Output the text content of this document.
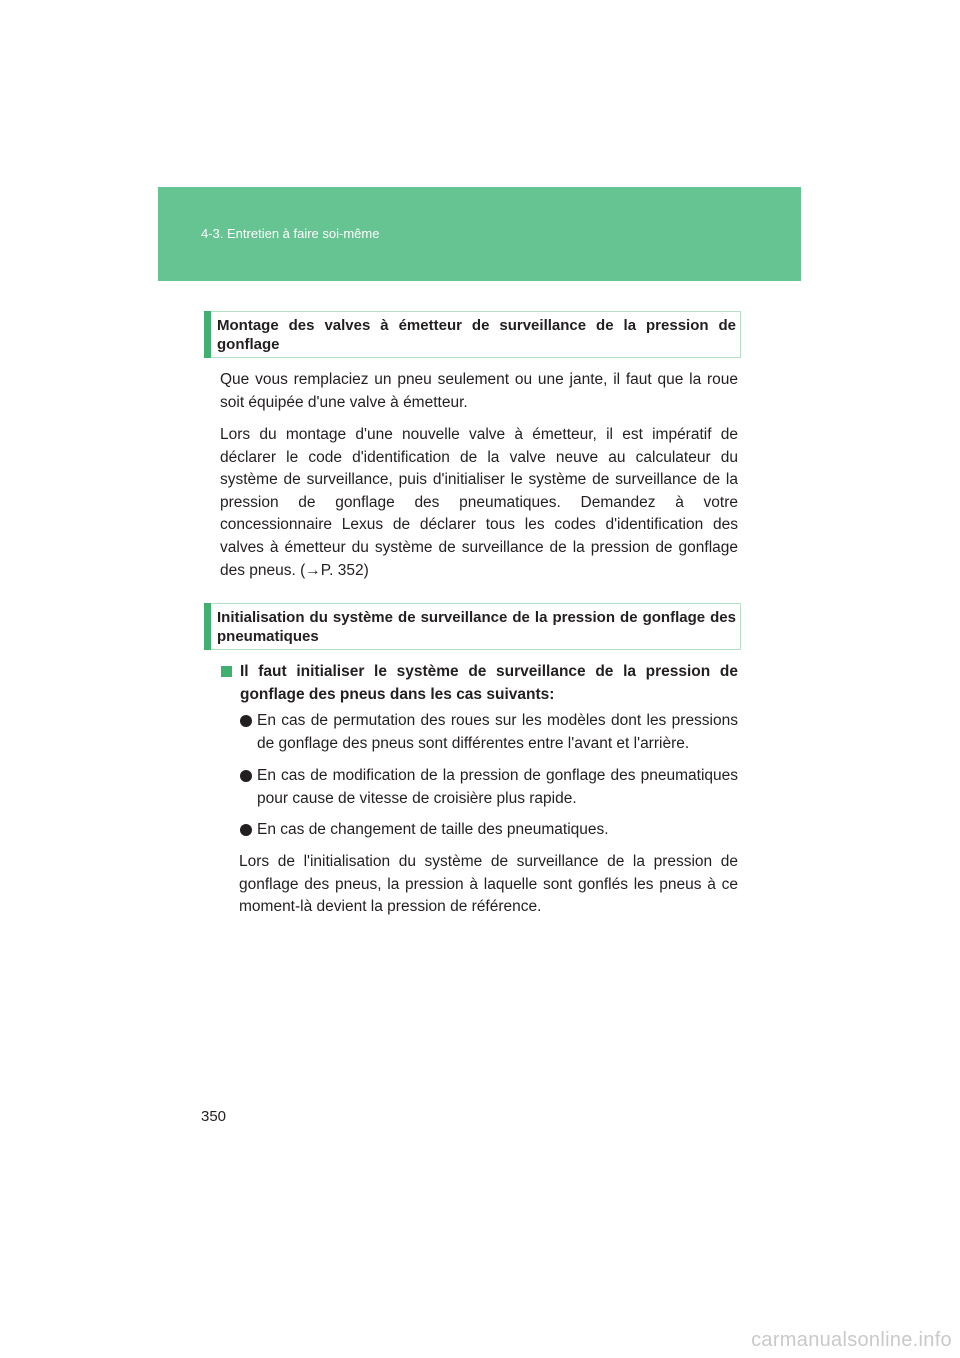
4-3. Entretien à faire soi-même
Montage des valves à émetteur de surveillance de la pression de gonflage

Que vous remplaciez un pneu seulement ou une jante, il faut que la roue soit équipée d'une valve à émetteur.

Lors du montage d'une nouvelle valve à émetteur, il est impératif de déclarer le code d'identification de la valve neuve au calculateur du système de surveillance, puis d'initialiser le système de surveillance de la pression de gonflage des pneumatiques. Demandez à votre concessionnaire Lexus de déclarer tous les codes d'identification des valves à émetteur du système de surveillance de la pression de gonflage des pneus. (→P. 352)

Initialisation du système de surveillance de la pression de gonflage des pneumatiques
Il faut initialiser le système de surveillance de la pression de gonflage des pneus dans les cas suivants:
En cas de permutation des roues sur les modèles dont les pressions de gonflage des pneus sont différentes entre l'avant et l'arrière.
En cas de modification de la pression de gonflage des pneumatiques pour cause de vitesse de croisière plus rapide.
En cas de changement de taille des pneumatiques.

Lors de l'initialisation du système de surveillance de la pression de gonflage des pneus, la pression à laquelle sont gonflés les pneus à ce moment-là devient la pression de référence.

350
carmanualsonline.info
